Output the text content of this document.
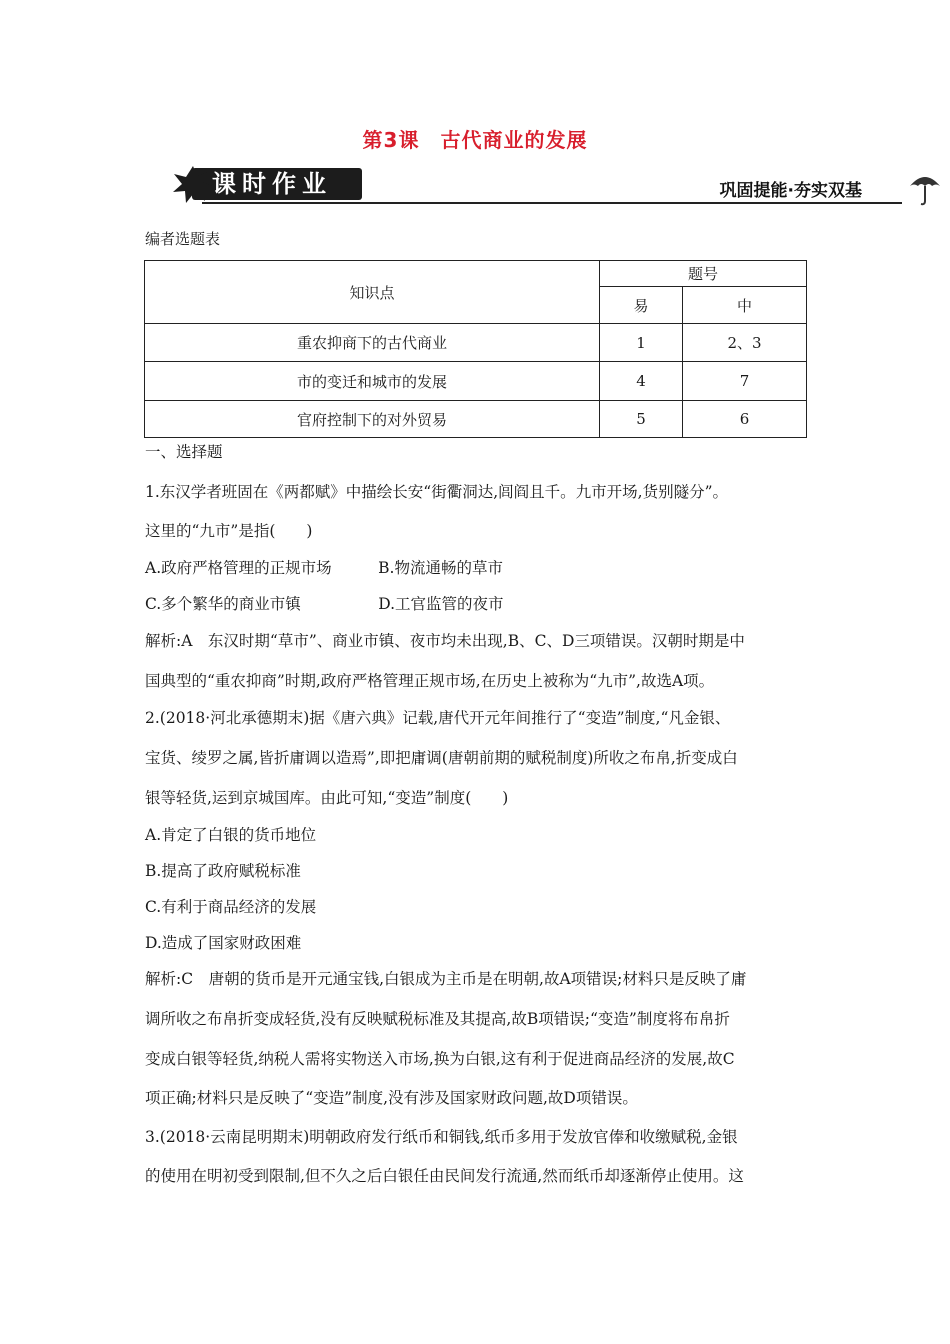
第3课　古代商业的发展
课时作业	巩固提能·夯实双基
编者选题表
知识点	题号	
	易	中
重农抑商下的古代商业	1	2、3
市的变迁和城市的发展	4	7
官府控制下的对外贸易	5	6

一、选择题

1.东汉学者班固在《两都赋》中描绘长安“街衢洞达,闾阎且千。九市开场,货别隧分”。

这里的“九市”是指(　　)

A.政府严格管理的正规市场　　　B.物流通畅的草市

C.多个繁华的商业市镇　　　　　D.工官监管的夜市

解析:A　东汉时期“草市”、商业市镇、夜市均未出现,B、C、D三项错误。汉朝时期是中

国典型的“重农抑商”时期,政府严格管理正规市场,在历史上被称为“九市”,故选A项。

2.(2018·河北承德期末)据《唐六典》记载,唐代开元年间推行了“变造”制度,“凡金银、

宝货、绫罗之属,皆折庸调以造焉”,即把庸调(唐朝前期的赋税制度)所收之布帛,折变成白

银等轻货,运到京城国库。由此可知,“变造”制度(　　)

A.肯定了白银的货币地位

B.提高了政府赋税标准

C.有利于商品经济的发展

D.造成了国家财政困难

解析:C　唐朝的货币是开元通宝钱,白银成为主币是在明朝,故A项错误;材料只是反映了庸

调所收之布帛折变成轻货,没有反映赋税标准及其提高,故B项错误;“变造”制度将布帛折

变成白银等轻货,纳税人需将实物送入市场,换为白银,这有利于促进商品经济的发展,故C

项正确;材料只是反映了“变造”制度,没有涉及国家财政问题,故D项错误。

3.(2018·云南昆明期末)明朝政府发行纸币和铜钱,纸币多用于发放官俸和收缴赋税,金银

的使用在明初受到限制,但不久之后白银任由民间发行流通,然而纸币却逐渐停止使用。这
